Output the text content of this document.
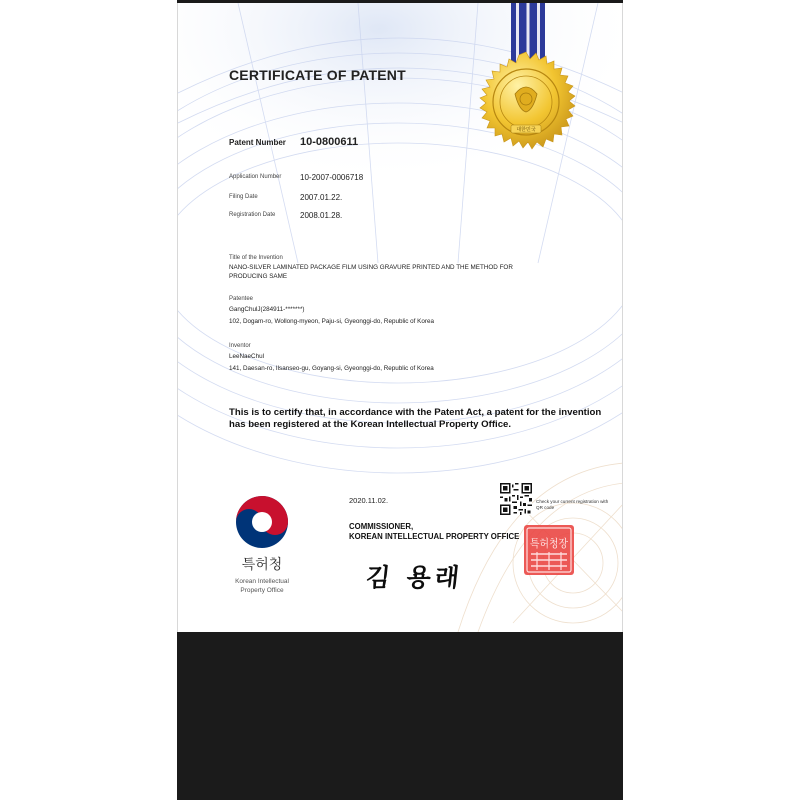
대한민국
CERTIFICATE OF PATENT
Patent Number 10-0800611
Application Number 10-2007-0006718
Filing Date	2007.01.22.
Registration Date	2008.01.28.
Title of the Invention
NANO-SILVER LAMINATED PACKAGE FILM USING GRAVURE PRINTED AND THE METHOD FOR
PRODUCING SAME
Patentee
GangChulJ(284911-*******)
102, Dogam-ro, Wollong-myeon, Paju-si, Gyeonggi-do, Republic of Korea
Inventor
LeeNaeChul
141, Daesan-ro, Ilsanseo-gu, Goyang-si, Gyeonggi-do, Republic of Korea
This is to certify that, in accordance with the Patent Act, a patent for the invention has been registered at the Korean Intellectual Property Office.
특허청
Korean Intellectual
Property Office
2020.11.02.	Check your current registration with QR code
COMMISSIONER,
KOREAN INTELLECTUAL PROPERTY OFFICE
김 용래
특허청장
